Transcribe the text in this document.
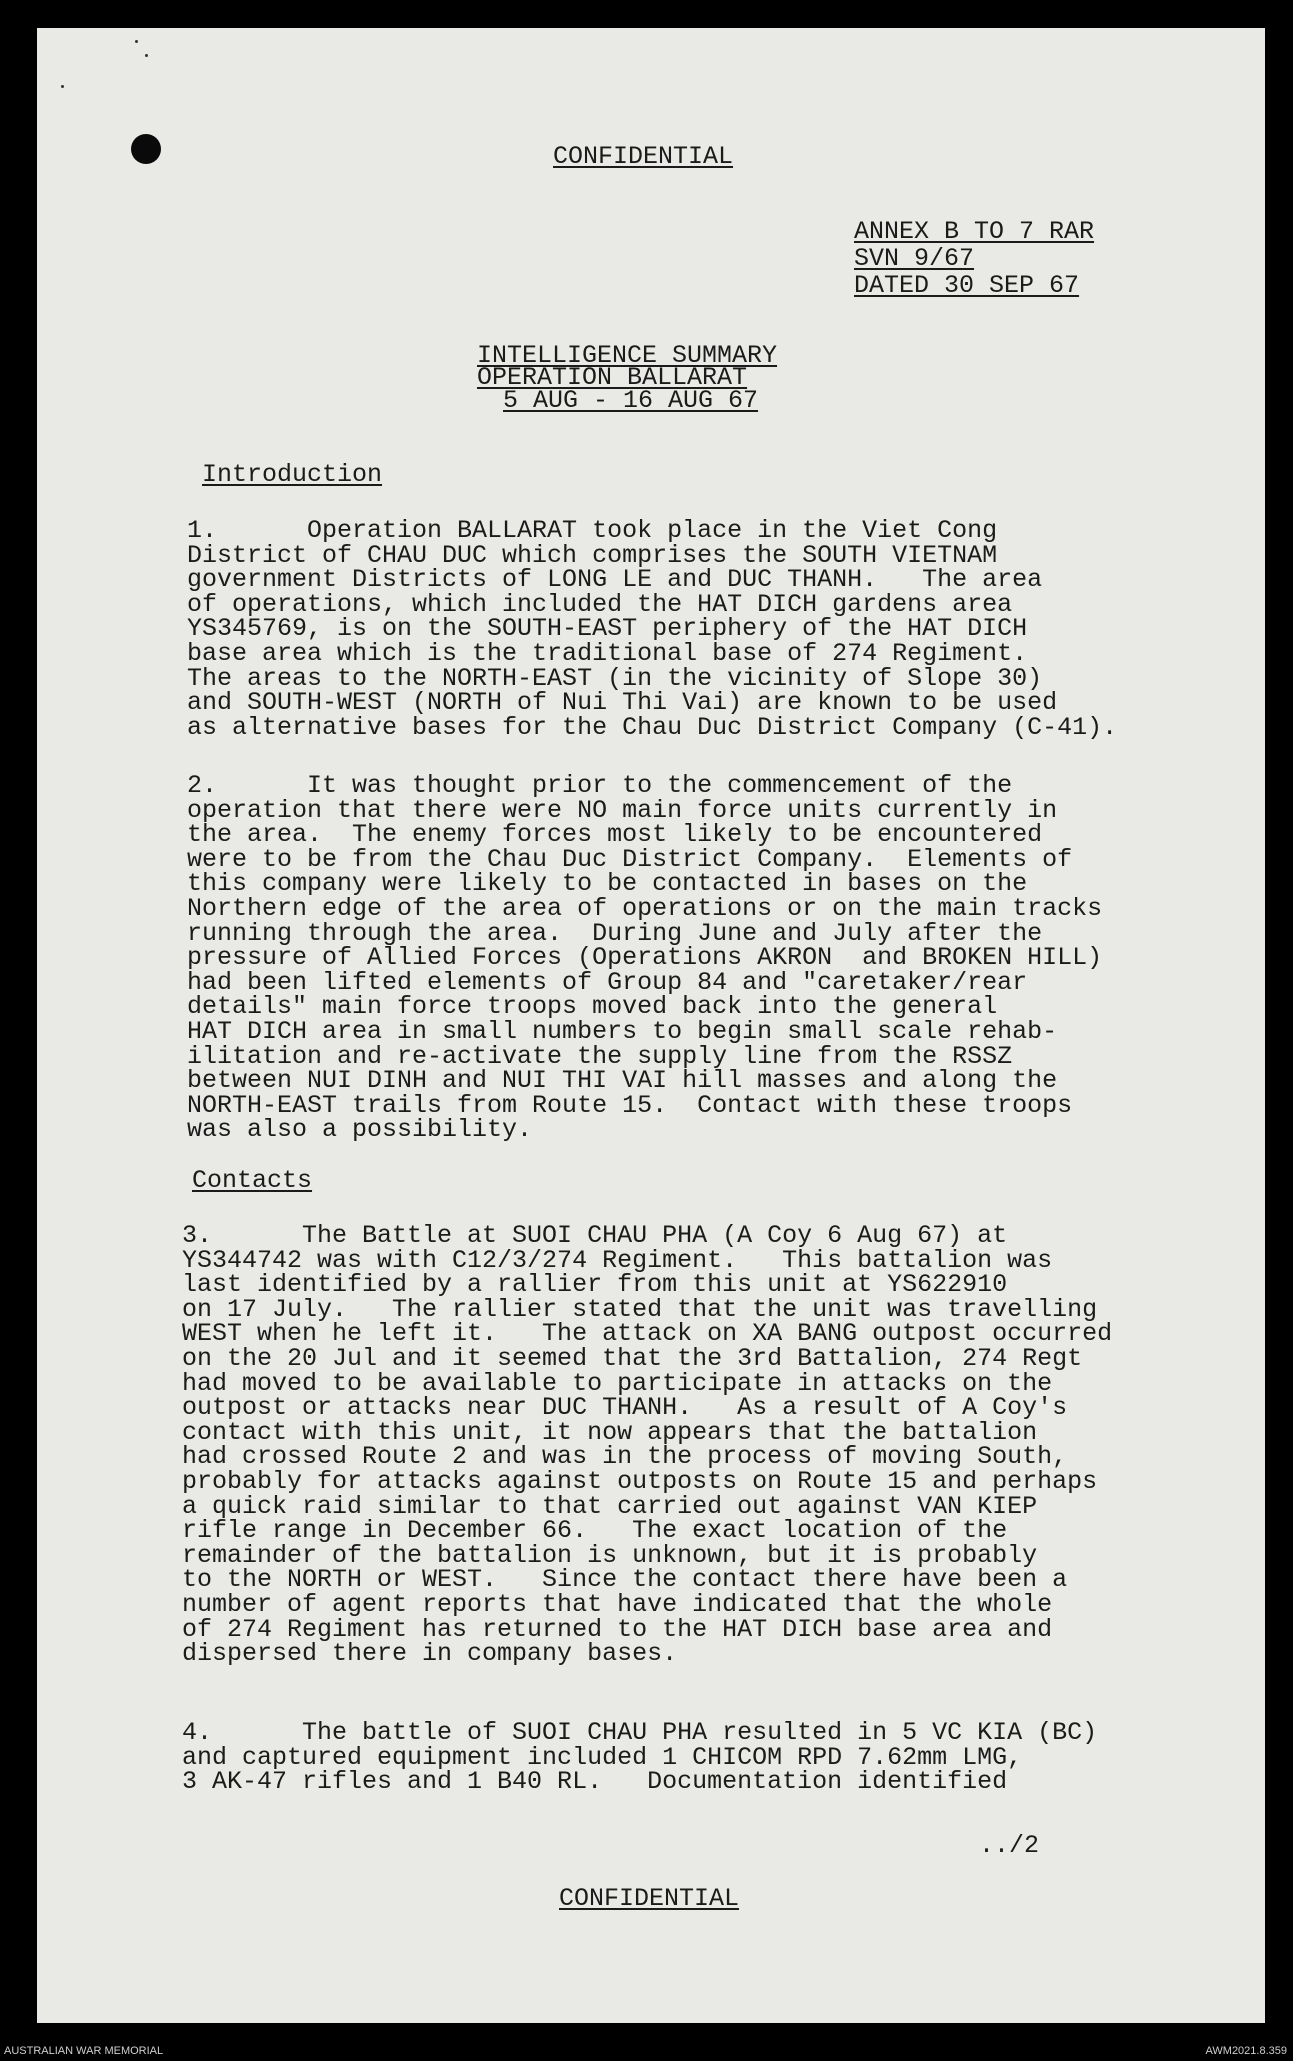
CONFIDENTIAL
ANNEX B TO 7 RAR
SVN 9/67
DATED 30 SEP 67
INTELLIGENCE SUMMARY
OPERATION BALLARAT
5 AUG - 16 AUG 67
Introduction
1.      Operation BALLARAT took place in the Viet Cong
District of CHAU DUC which comprises the SOUTH VIETNAM
government Districts of LONG LE and DUC THANH.   The area
of operations, which included the HAT DICH gardens area
YS345769, is on the SOUTH-EAST periphery of the HAT DICH
base area which is the traditional base of 274 Regiment.
The areas to the NORTH-EAST (in the vicinity of Slope 30)
and SOUTH-WEST (NORTH of Nui Thi Vai) are known to be used
as alternative bases for the Chau Duc District Company (C-41).
2.      It was thought prior to the commencement of the
operation that there were NO main force units currently in
the area.  The enemy forces most likely to be encountered
were to be from the Chau Duc District Company.  Elements of
this company were likely to be contacted in bases on the
Northern edge of the area of operations or on the main tracks
running through the area.  During June and July after the
pressure of Allied Forces (Operations AKRON  and BROKEN HILL)
had been lifted elements of Group 84 and "caretaker/rear
details" main force troops moved back into the general
HAT DICH area in small numbers to begin small scale rehab-
ilitation and re-activate the supply line from the RSSZ
between NUI DINH and NUI THI VAI hill masses and along the
NORTH-EAST trails from Route 15.  Contact with these troops
was also a possibility.
Contacts
3.      The Battle at SUOI CHAU PHA (A Coy 6 Aug 67) at
YS344742 was with C12/3/274 Regiment.   This battalion was
last identified by a rallier from this unit at YS622910
on 17 July.   The rallier stated that the unit was travelling
WEST when he left it.   The attack on XA BANG outpost occurred
on the 20 Jul and it seemed that the 3rd Battalion, 274 Regt
had moved to be available to participate in attacks on the
outpost or attacks near DUC THANH.   As a result of A Coy's
contact with this unit, it now appears that the battalion
had crossed Route 2 and was in the process of moving South,
probably for attacks against outposts on Route 15 and perhaps
a quick raid similar to that carried out against VAN KIEP
rifle range in December 66.   The exact location of the
remainder of the battalion is unknown, but it is probably
to the NORTH or WEST.   Since the contact there have been a
number of agent reports that have indicated that the whole
of 274 Regiment has returned to the HAT DICH base area and
dispersed there in company bases.
4.      The battle of SUOI CHAU PHA resulted in 5 VC KIA (BC)
and captured equipment included 1 CHICOM RPD 7.62mm LMG,
3 AK-47 rifles and 1 B40 RL.   Documentation identified
../2
CONFIDENTIAL
AUSTRALIAN WAR MEMORIAL	AWM2021.8.359
